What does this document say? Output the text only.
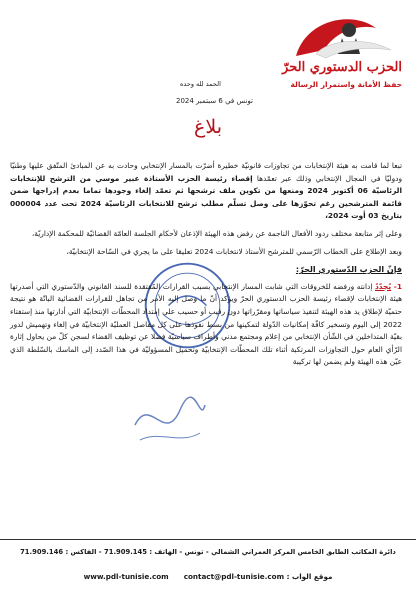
الحزب الدستوري الحرّ
حفظ الأمانة واستمرار الرسالة
الحمد لله وحده
تونس في 6 سبتمبر 2024
بلاغ

تبعا لما قامت به هيئة الإنتخابات من تجاوزات قانونيّة خطيرة أضرّت بالمسار الإنتخابي وحادت به عن المبادئ المتّفق عليها وطنيّا ودوليّا في المجال الإنتخابي وذلك عبر تعمّدها إقصاء رئيسة الحزب الأستاذة عبير موسي من الترشح للإنتخابات الرئاسيّة 06 أكتوبر 2024 ومنعها من تكوين ملف ترشحها ثم تعمّد إلغاء وجودها تماما بعدم إدراجها ضمن قائمة المترشحين رغم تحوّزها على وصل تسلّم مطلب ترشح للانتخابات الرئاسيّة 2024 تحت عدد 000004 بتاريخ 03 أوت 2024،

وعلى إثر متابعة مختلف ردود الأفعال الناجمة عن رفض هذه الهيئة الإذعان لأحكام الجلسة العامّة القضائيّة للمحكمة الإداريّة،

وبعد الإطلاع على الخطاب الرّسمي للمترشح الأستاذ لانتخابات 2024 تعليقا على ما يجري في السّاحة الإنتخابيّة،

فإنّ الحزب الدّستوري الحرّ:

1- يُجدّدُ إدانته ورفضه للخروقات التي شابت المسار الإنتخابي بسبب القرارات المُفتقدة للسند القانوني والدّستوري التي أصدرتها هيئة الإنتخابات لإقصاء رئيسة الحزب الدستوري الحرّ ويؤكد أنّ ما وصل إليه الأمر من تجاهل للقرارات القضائية الباتّة هو نتيجة حتميّة لإطلاق يد هذه الهيئة لتنفيذ سياساتها ومقرّراتها دون رقيب أو حسيب على إمتداد المحطّات الإنتخابيّة التي أدارتها منذ إستفتاء 2022 إلى اليوم وتسخير كافّة إمكانيات الدّولة لتمكينها من بسط نفوذها على كل مفاصل العمليّة الإنتخابيّة في إلغاء وتهميش لدور بقيّة المتداخلين في الشّأن الإنتخابي من إعلام ومجتمع مدني وأطراف سياسيّة فضلا عن توظيف القضاء لسجن كلّ من يحاول إثارة الرّأي العام حول التجاوزات المرتكبة أثناء تلك المحطّات الإنتخابيّة وتحميل المسؤوليّة في هذا الصّدد إلى الماسك بالسّلطة الذي عيّن هذه الهيئة ولم يضمن لها تركيبة

دائرة المكاتب الطابق الخامس المركز العمراني الشمالي - تونس - الهاتف : 71.909.145 - الفاكس : 71.909.146
موقع الواب : www.pdl-tunisie.com contact@pdl-tunisie.com
